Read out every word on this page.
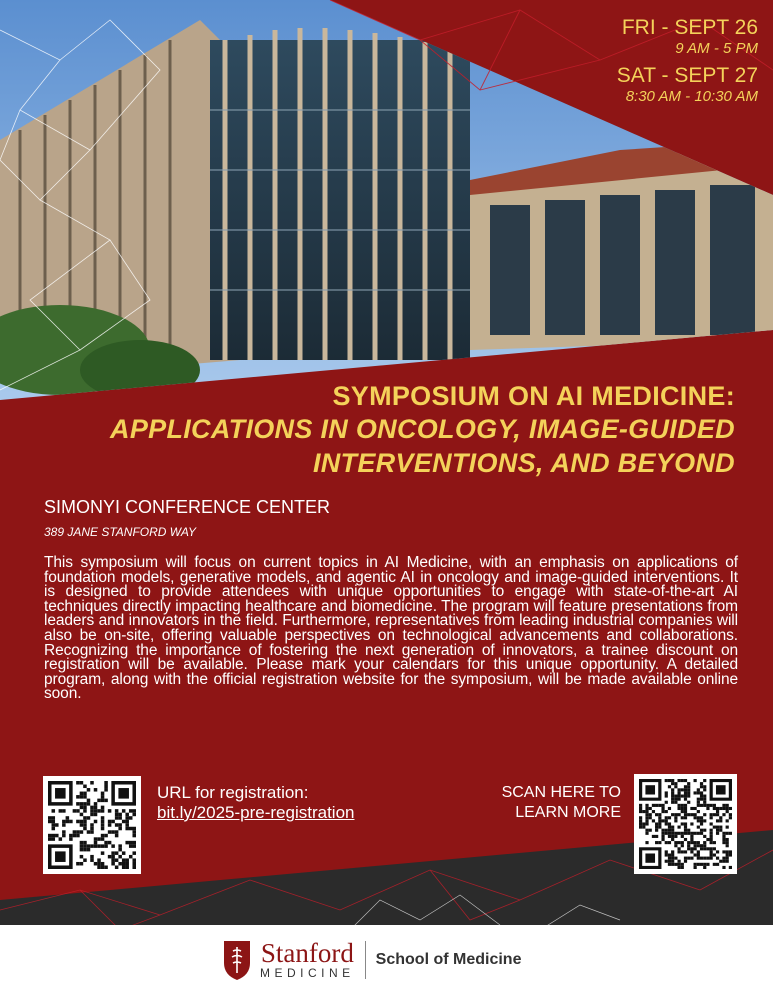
FRI - SEPT 26
9 AM - 5 PM
SAT - SEPT 27
8:30 AM - 10:30 AM
SYMPOSIUM ON AI MEDICINE:
APPLICATIONS IN ONCOLOGY, IMAGE-GUIDED
INTERVENTIONS, AND BEYOND
SIMONYI CONFERENCE CENTER
389 JANE STANFORD WAY
This symposium will focus on current topics in AI Medicine, with an emphasis on applications of foundation models, generative models, and agentic AI in oncology and image-guided interventions. It is designed to provide attendees with unique opportunities to engage with state-of-the-art AI techniques directly impacting healthcare and biomedicine. The program will feature presentations from leaders and innovators in the field. Furthermore, representatives from leading industrial companies will also be on-site, offering valuable perspectives on technological advancements and collaborations. Recognizing the importance of fostering the next generation of innovators, a trainee discount on registration will be available. Please mark your calendars for this unique opportunity. A detailed program, along with the official registration website for the symposium, will be made available online soon.
URL for registration:
bit.ly/2025-pre-registration
SCAN HERE TO
LEARN MORE
Stanford
MEDICINE
School of Medicine
